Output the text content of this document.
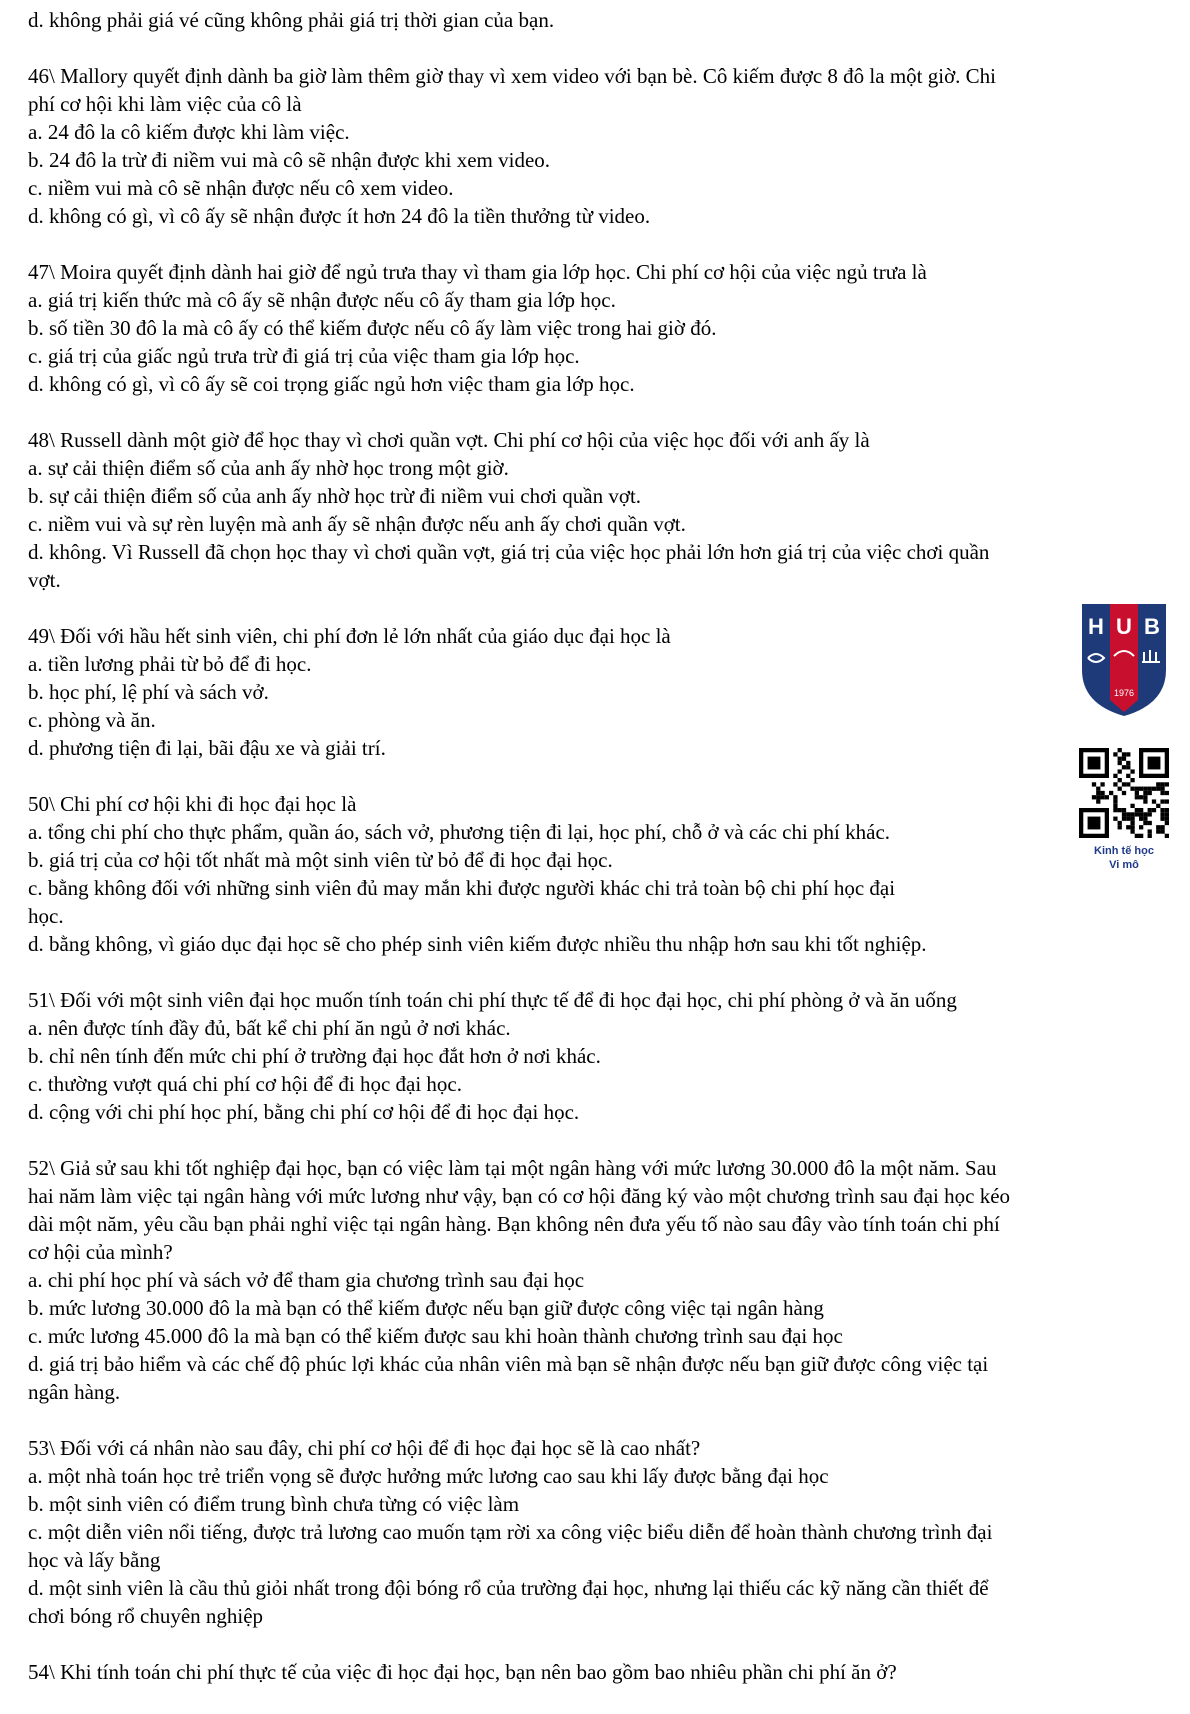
d. không phải giá vé cũng không phải giá trị thời gian của bạn.
46\ Mallory quyết định dành ba giờ làm thêm giờ thay vì xem video với bạn bè. Cô kiếm được 8 đô la một giờ. Chi
phí cơ hội khi làm việc của cô là
a. 24 đô la cô kiếm được khi làm việc.
b. 24 đô la trừ đi niềm vui mà cô sẽ nhận được khi xem video.
c. niềm vui mà cô sẽ nhận được nếu cô xem video.
d. không có gì, vì cô ấy sẽ nhận được ít hơn 24 đô la tiền thưởng từ video.
47\ Moira quyết định dành hai giờ để ngủ trưa thay vì tham gia lớp học. Chi phí cơ hội của việc ngủ trưa là
a. giá trị kiến thức mà cô ấy sẽ nhận được nếu cô ấy tham gia lớp học.
b. số tiền 30 đô la mà cô ấy có thể kiếm được nếu cô ấy làm việc trong hai giờ đó.
c. giá trị của giấc ngủ trưa trừ đi giá trị của việc tham gia lớp học.
d. không có gì, vì cô ấy sẽ coi trọng giấc ngủ hơn việc tham gia lớp học.
48\ Russell dành một giờ để học thay vì chơi quần vợt. Chi phí cơ hội của việc học đối với anh ấy là
a. sự cải thiện điểm số của anh ấy nhờ học trong một giờ.
b. sự cải thiện điểm số của anh ấy nhờ học trừ đi niềm vui chơi quần vợt.
c. niềm vui và sự rèn luyện mà anh ấy sẽ nhận được nếu anh ấy chơi quần vợt.
d. không. Vì Russell đã chọn học thay vì chơi quần vợt, giá trị của việc học phải lớn hơn giá trị của việc chơi quần
vợt.
49\ Đối với hầu hết sinh viên, chi phí đơn lẻ lớn nhất của giáo dục đại học là
a. tiền lương phải từ bỏ để đi học.
b. học phí, lệ phí và sách vở.
c. phòng và ăn.
d. phương tiện đi lại, bãi đậu xe và giải trí.
50\ Chi phí cơ hội khi đi học đại học là
a. tổng chi phí cho thực phẩm, quần áo, sách vở, phương tiện đi lại, học phí, chỗ ở và các chi phí khác.
b. giá trị của cơ hội tốt nhất mà một sinh viên từ bỏ để đi học đại học.
c. bằng không đối với những sinh viên đủ may mắn khi được người khác chi trả toàn bộ chi phí học đại
học.
d. bằng không, vì giáo dục đại học sẽ cho phép sinh viên kiếm được nhiều thu nhập hơn sau khi tốt nghiệp.
51\ Đối với một sinh viên đại học muốn tính toán chi phí thực tế để đi học đại học, chi phí phòng ở và ăn uống
a. nên được tính đầy đủ, bất kể chi phí ăn ngủ ở nơi khác.
b. chỉ nên tính đến mức chi phí ở trường đại học đắt hơn ở nơi khác.
c. thường vượt quá chi phí cơ hội để đi học đại học.
d. cộng với chi phí học phí, bằng chi phí cơ hội để đi học đại học.
52\ Giả sử sau khi tốt nghiệp đại học, bạn có việc làm tại một ngân hàng với mức lương 30.000 đô la một năm. Sau
hai năm làm việc tại ngân hàng với mức lương như vậy, bạn có cơ hội đăng ký vào một chương trình sau đại học kéo
dài một năm, yêu cầu bạn phải nghỉ việc tại ngân hàng. Bạn không nên đưa yếu tố nào sau đây vào tính toán chi phí
cơ hội của mình?
a. chi phí học phí và sách vở để tham gia chương trình sau đại học
b. mức lương 30.000 đô la mà bạn có thể kiếm được nếu bạn giữ được công việc tại ngân hàng
c. mức lương 45.000 đô la mà bạn có thể kiếm được sau khi hoàn thành chương trình sau đại học
d. giá trị bảo hiểm và các chế độ phúc lợi khác của nhân viên mà bạn sẽ nhận được nếu bạn giữ được công việc tại
ngân hàng.
53\ Đối với cá nhân nào sau đây, chi phí cơ hội để đi học đại học sẽ là cao nhất?
a. một nhà toán học trẻ triển vọng sẽ được hưởng mức lương cao sau khi lấy được bằng đại học
b. một sinh viên có điểm trung bình chưa từng có việc làm
c. một diễn viên nổi tiếng, được trả lương cao muốn tạm rời xa công việc biểu diễn để hoàn thành chương trình đại
học và lấy bằng
d. một sinh viên là cầu thủ giỏi nhất trong đội bóng rổ của trường đại học, nhưng lại thiếu các kỹ năng cần thiết để
chơi bóng rổ chuyên nghiệp
54\ Khi tính toán chi phí thực tế của việc đi học đại học, bạn nên bao gồm bao nhiêu phần chi phí ăn ở?
H U B
1976
Kinh tế học
Vi mô
